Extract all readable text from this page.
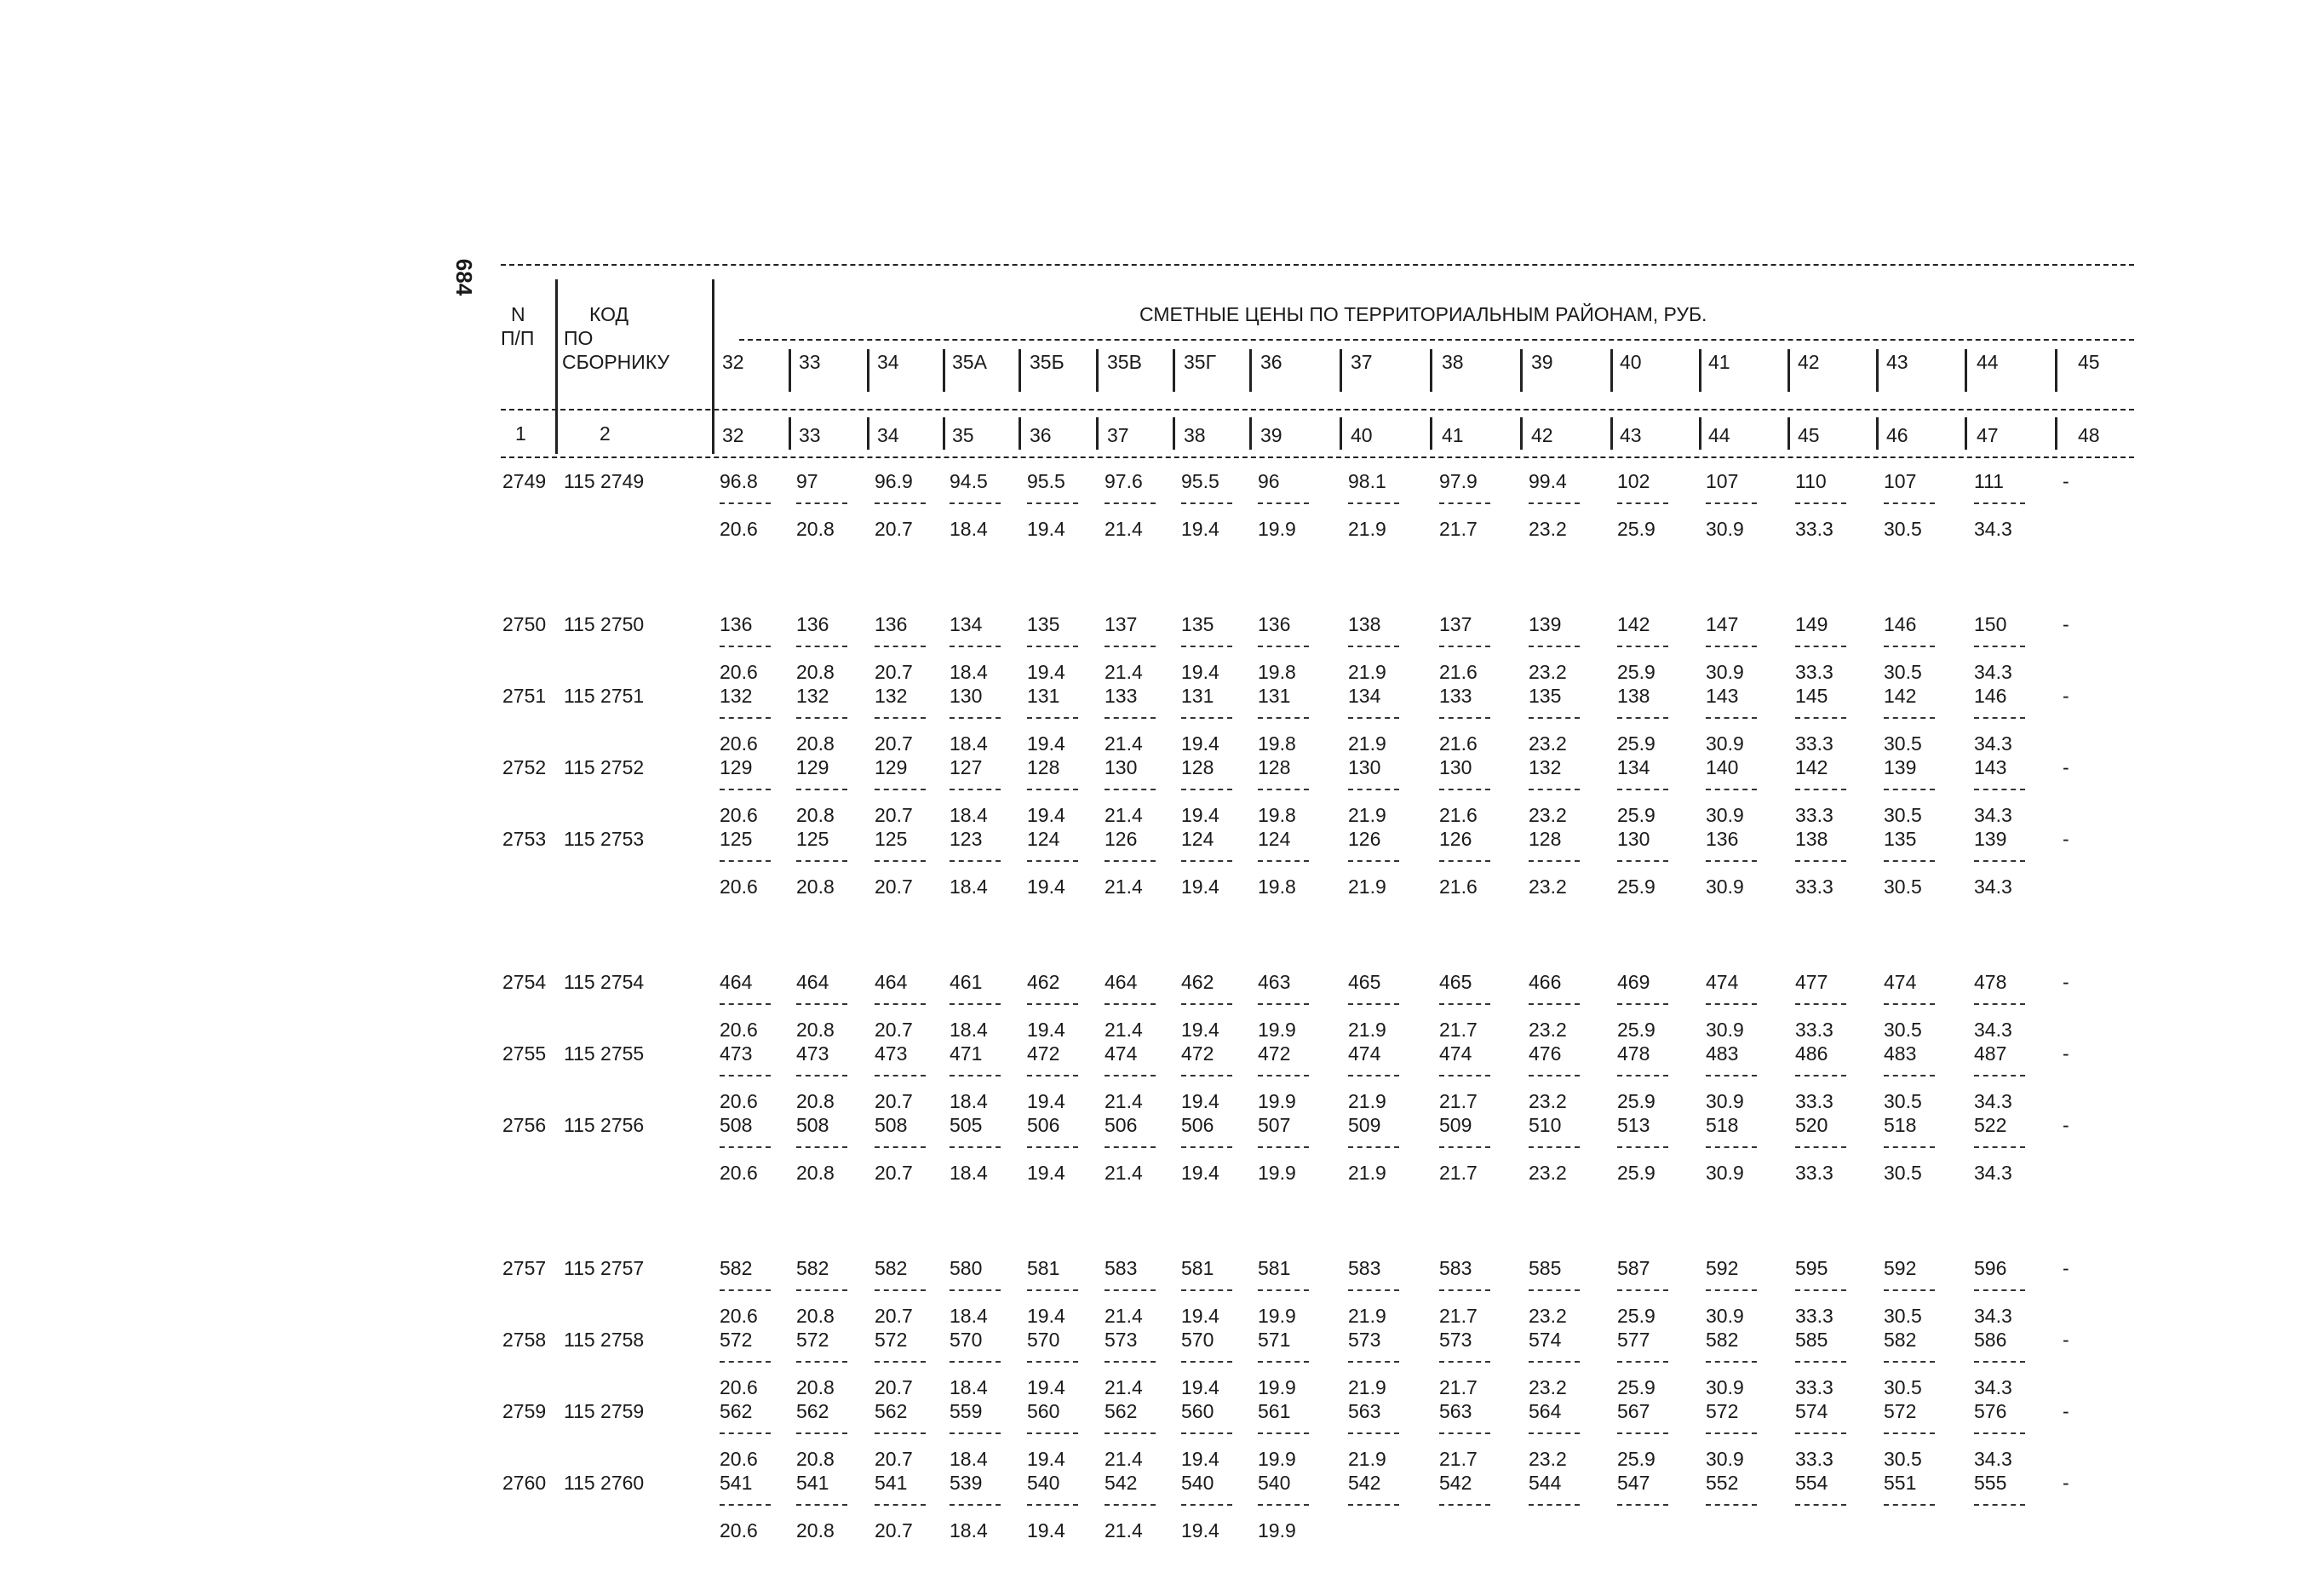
684
N
П/П
КОД
ПО
СБОРНИКУ
СМЕТНЫЕ ЦЕНЫ ПО ТЕРРИТОРИАЛЬНЫМ РАЙОНАМ, РУБ.
32	33	34	35А 35Б 35В 35Г 36	37	38	39	40	41	42	43	44	45
1	2	32	33	34	35	36	37	38	39	40	41	42	43	44	45	46	47	48
2749 115 2749	96.8 97	96.9 94.5 95.5 97.6 95.5 96	98.1	97.9	99.4	102	107	110	107	111
20.6 20.8 20.7 18.4 19.4 21.4 19.4 19.9	21.9	21.7	23.2	25.9	30.9	33.3	30.5	34.3
-
2750 115 2750	136 136 136 134 135 137 135 136	138	137	139	142	147	149	146	150
20.6 20.8 20.7 18.4 19.4 21.4 19.4 19.8	21.9	21.6	23.2	25.9	30.9	33.3	30.5	34.3
-
2751 115 2751	132 132 132 130 131 133 131 131	134	133	135	138	143	145	142	146
20.6 20.8 20.7 18.4 19.4 21.4 19.4 19.8	21.9	21.6	23.2	25.9	30.9	33.3	30.5	34.3
-
2752 115 2752	129 129 129 127 128 130 128 128	130	130	132	134	140	142	139	143
20.6 20.8 20.7 18.4 19.4 21.4 19.4 19.8	21.9	21.6	23.2	25.9	30.9	33.3	30.5	34.3
-
2753 115 2753	125 125 125 123 124 126 124 124	126	126	128	130	136	138	135	139
20.6 20.8 20.7 18.4 19.4 21.4 19.4 19.8	21.9	21.6	23.2	25.9	30.9	33.3	30.5	34.3
-
2754 115 2754	464 464 464 461 462 464 462 463	465	465	466	469	474	477	474	478
20.6 20.8 20.7 18.4 19.4 21.4 19.4 19.9	21.9	21.7	23.2	25.9	30.9	33.3	30.5	34.3
-
2755 115 2755	473 473 473 471 472 474 472 472	474	474	476	478	483	486	483	487
20.6 20.8 20.7 18.4 19.4 21.4 19.4 19.9	21.9	21.7	23.2	25.9	30.9	33.3	30.5	34.3
-
2756 115 2756	508 508 508 505 506 506 506 507	509	509	510	513	518	520	518	522
20.6 20.8 20.7 18.4 19.4 21.4 19.4 19.9	21.9	21.7	23.2	25.9	30.9	33.3	30.5	34.3
-
2757 115 2757	582 582 582 580 581 583 581 581	583	583	585	587	592	595	592	596
20.6 20.8 20.7 18.4 19.4 21.4 19.4 19.9	21.9	21.7	23.2	25.9	30.9	33.3	30.5	34.3
-
2758 115 2758	572 572 572 570 570 573 570 571	573	573	574	577	582	585	582	586
20.6 20.8 20.7 18.4 19.4 21.4 19.4 19.9	21.9	21.7	23.2	25.9	30.9	33.3	30.5	34.3
-
2759 115 2759	562 562 562 559 560 562 560 561	563	563	564	567	572	574	572	576
20.6 20.8 20.7 18.4 19.4 21.4 19.4 19.9	21.9	21.7	23.2	25.9	30.9	33.3	30.5	34.3
-
2760 115 2760	541 541 541 539 540 542 540 540	542	542	544	547	552	554	551	555
20.6 20.8 20.7 18.4 19.4 21.4 19.4 19.9
-
